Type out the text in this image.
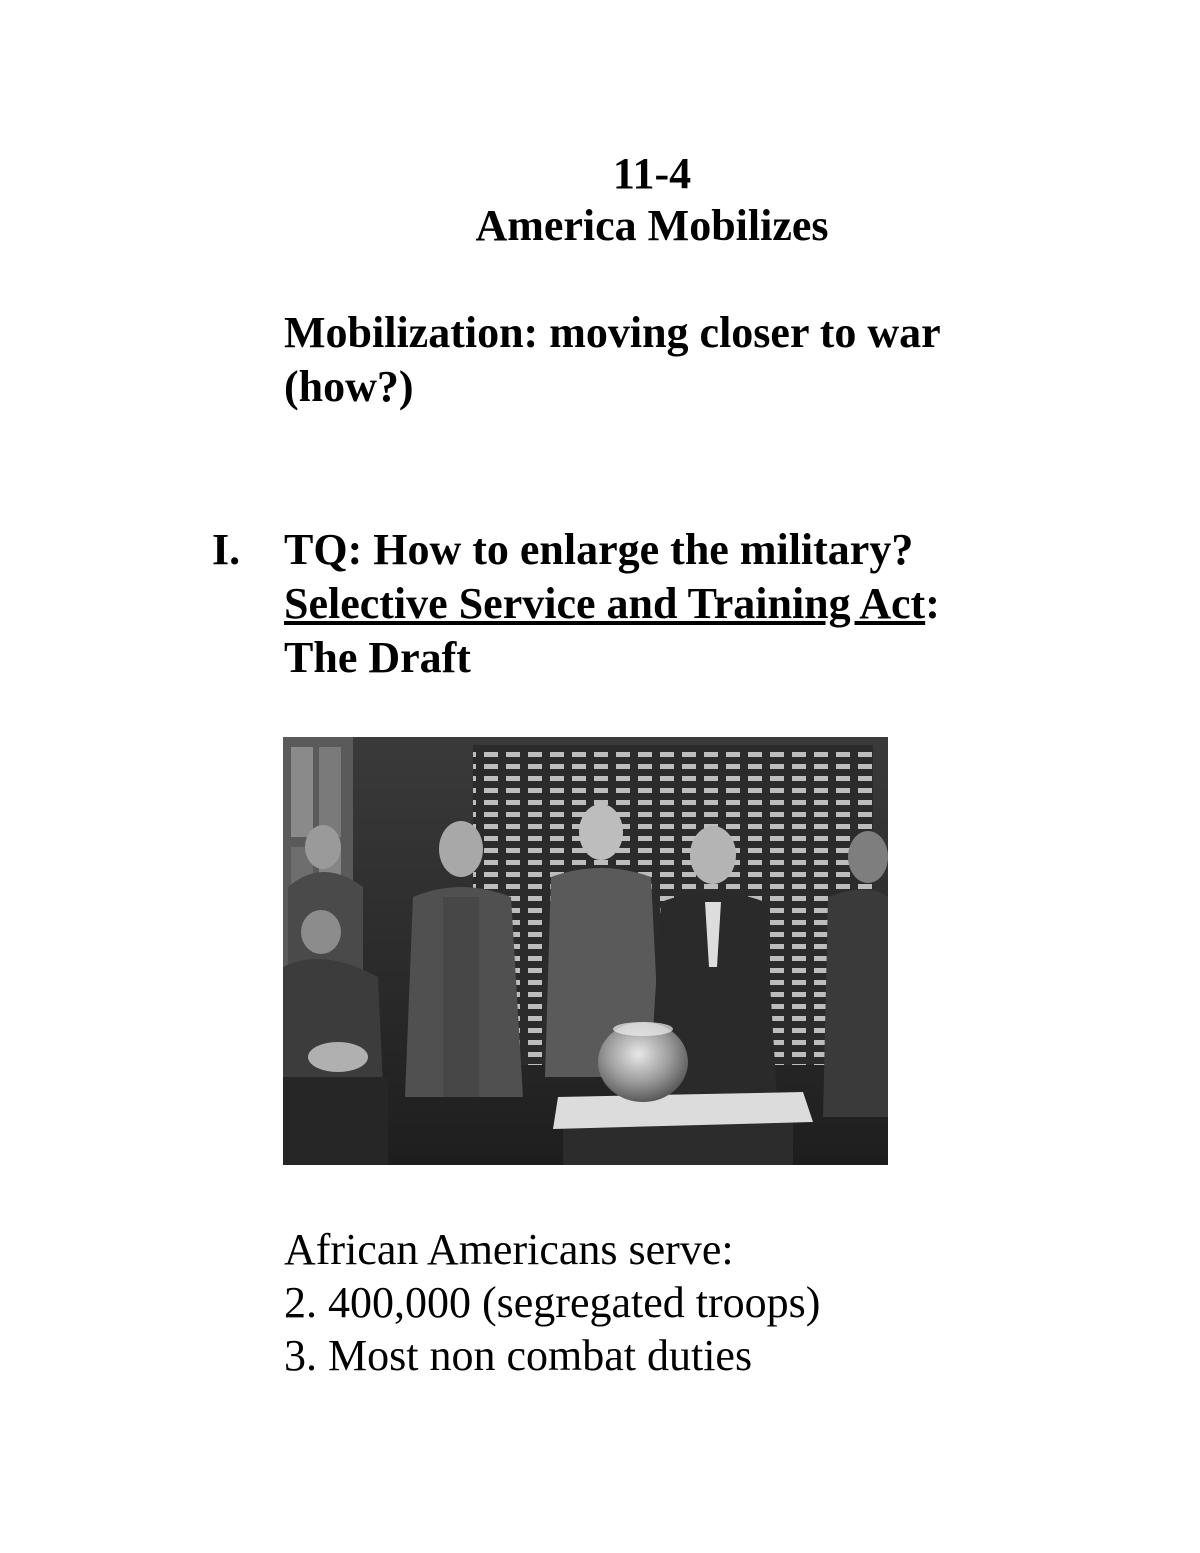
11-4
America Mobilizes
Mobilization: moving closer to war
(how?)
I. TQ: How to enlarge the military?
Selective Service and Training Act:
The Draft
African Americans serve:
2. 400,000 (segregated troops)
3. Most non combat duties
